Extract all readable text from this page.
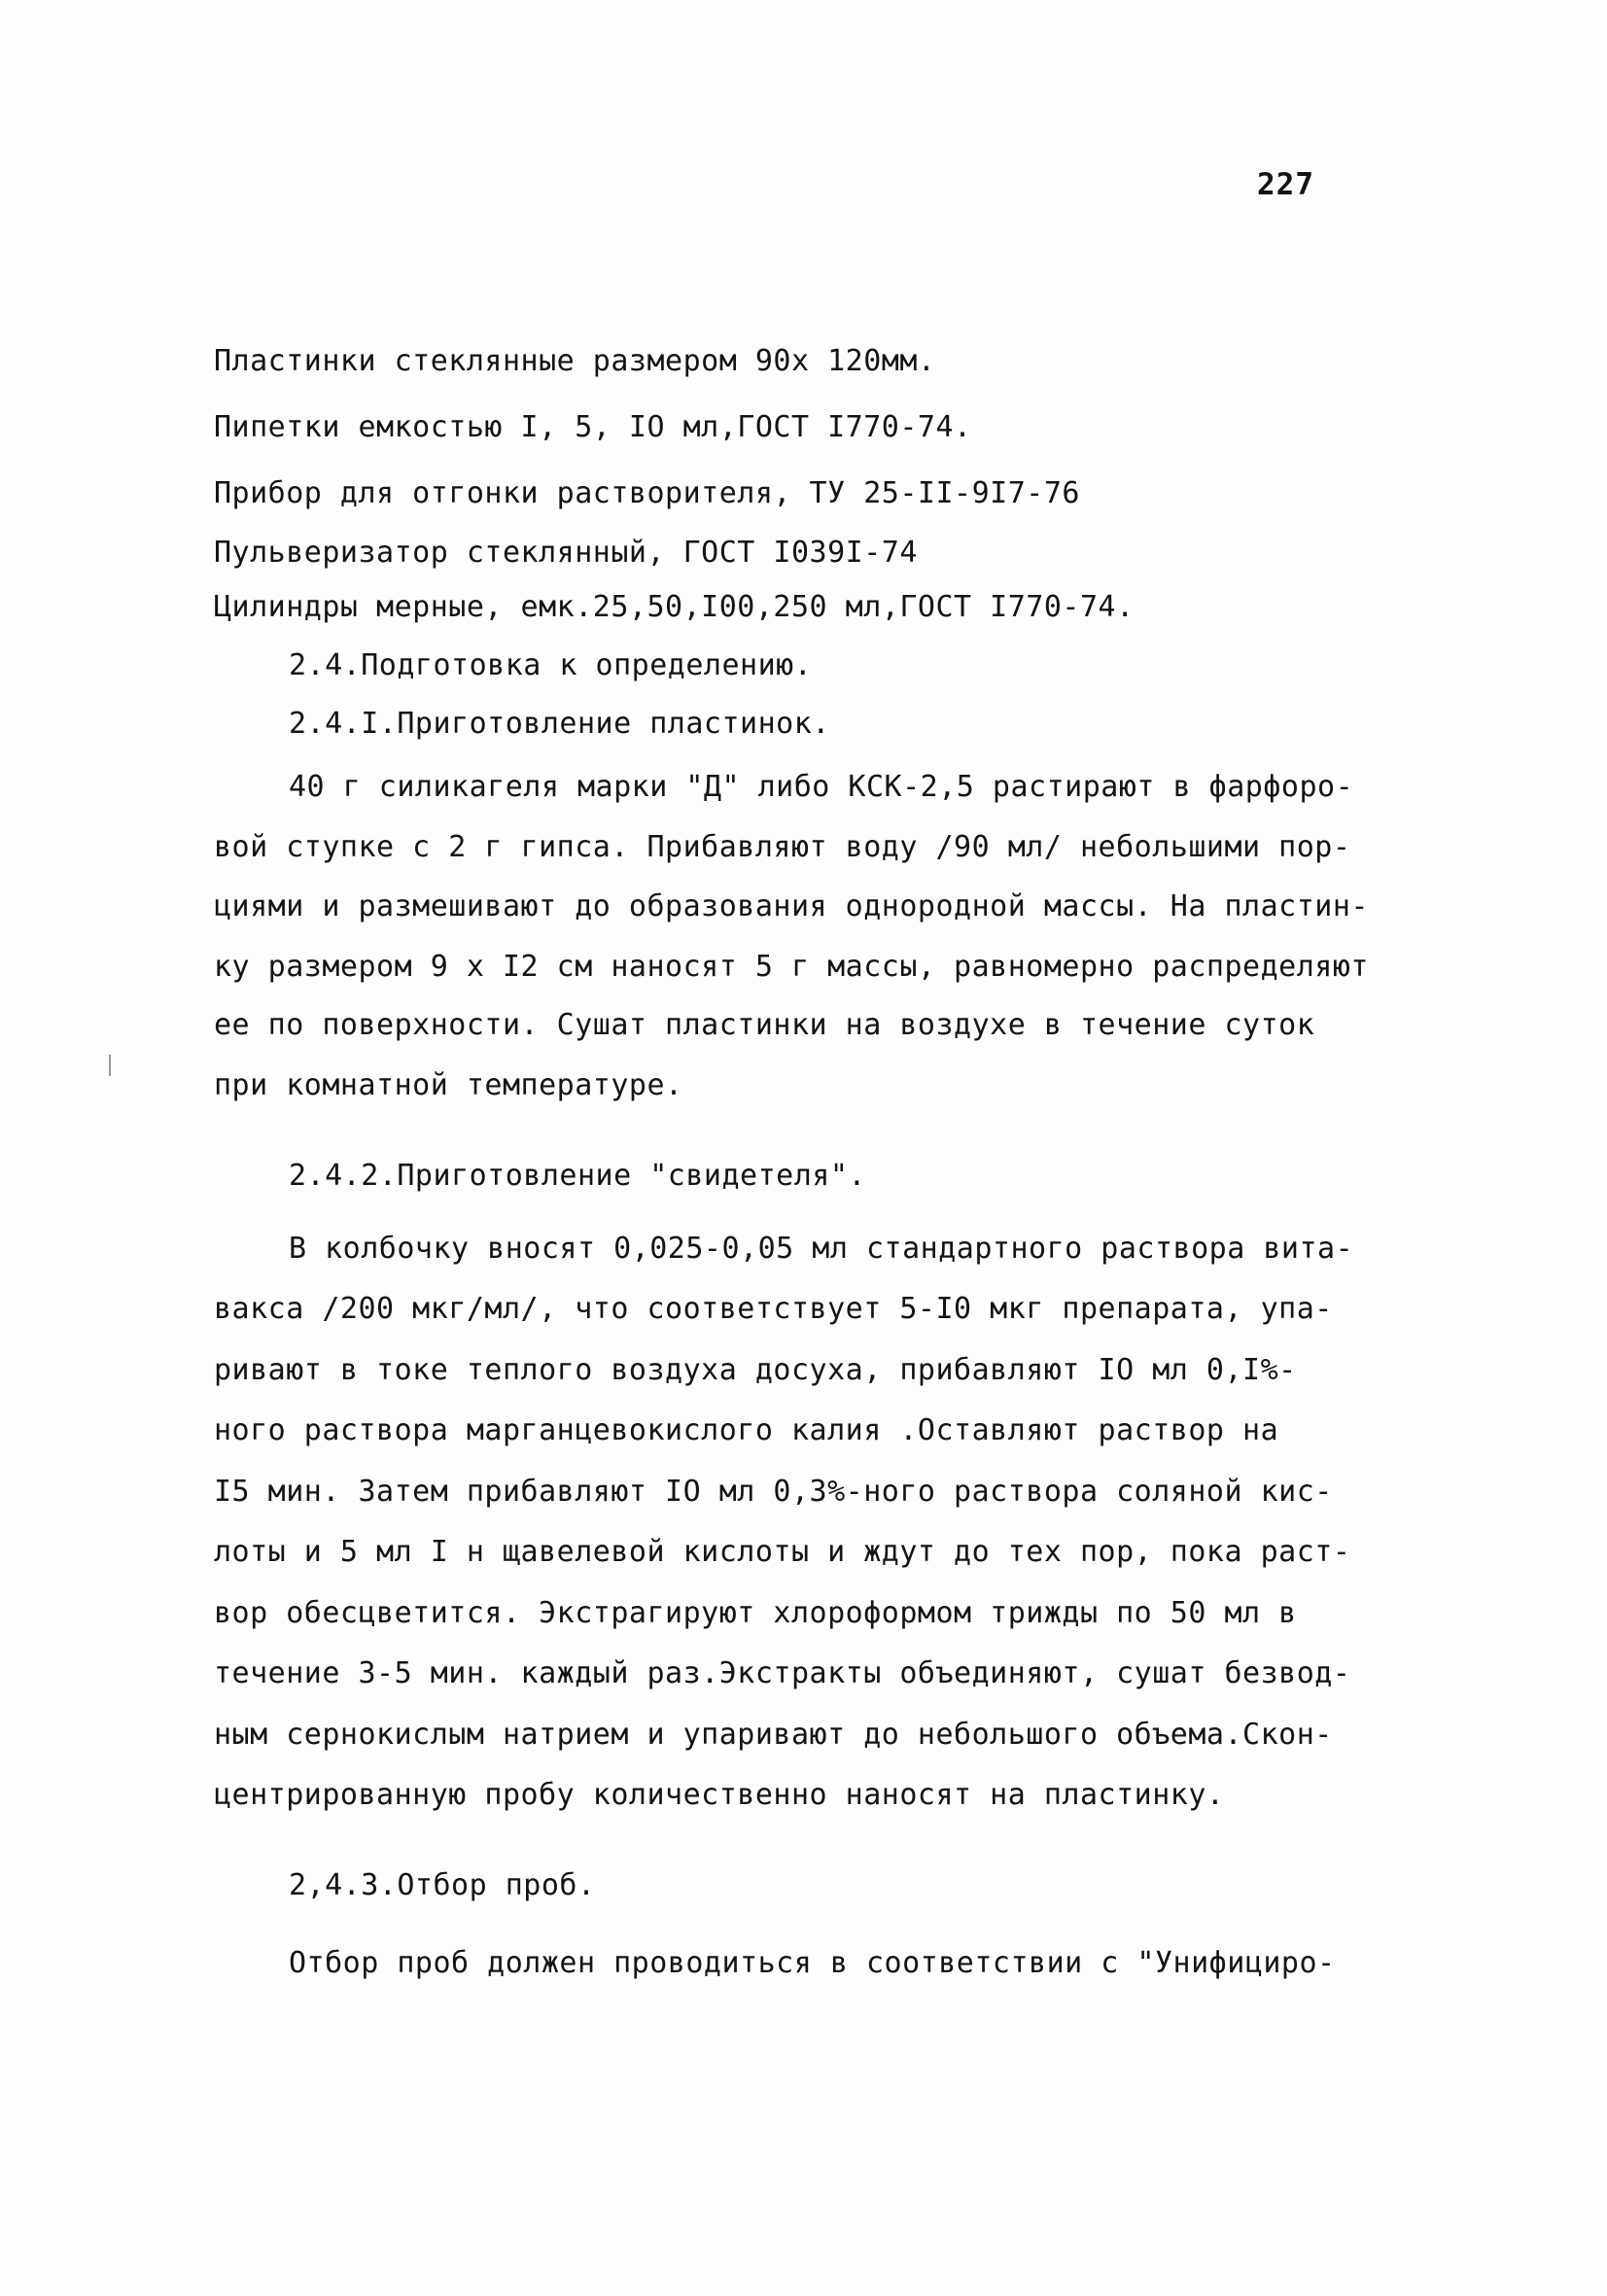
227
Пластинки стеклянные размером 90х 120мм.
Пипетки емкостью I, 5, IO мл,ГОСТ I770-74.
Прибор для отгонки растворителя, ТУ 25-II-9I7-76
Пульверизатор стеклянный, ГОСТ I039I-74
Цилиндры мерные, емк.25,50,I00,250 мл,ГОСТ I770-74.
2.4.Подготовка к определению.
2.4.I.Приготовление пластинок.
40 г силикагеля марки "Д" либо КСК-2,5 растирают в фарфоро-
вой ступке с 2 г гипса. Прибавляют воду /90 мл/ небольшими пор-
циями и размешивают до образования однородной массы. На пластин-
ку размером 9 х I2 см наносят 5 г массы, равномерно распределяют
ее по поверхности. Сушат пластинки на воздухе в течение суток
при комнатной температуре.
2.4.2.Приготовление "свидетеля".
В колбочку вносят 0,025-0,05 мл стандартного раствора вита-
вакса /200 мкг/мл/, что соответствует 5-I0 мкг препарата, упа-
ривают в токе теплого воздуха досуха, прибавляют IO мл 0,I%-
ного раствора марганцевокислого калия .Оставляют раствор на
I5 мин. Затем прибавляют IO мл 0,3%-ного раствора соляной кис-
лоты и 5 мл I н щавелевой кислоты и ждут до тех пор, пока раст-
вор обесцветится. Экстрагируют хлороформом трижды по 50 мл в
течение 3-5 мин. каждый раз.Экстракты объединяют, сушат безвод-
ным сернокислым натрием и упаривают до небольшого объема.Скон-
центрированную пробу количественно наносят на пластинку.
2,4.3.Отбор проб.
Отбор проб должен проводиться в соответствии с "Унифициро-
